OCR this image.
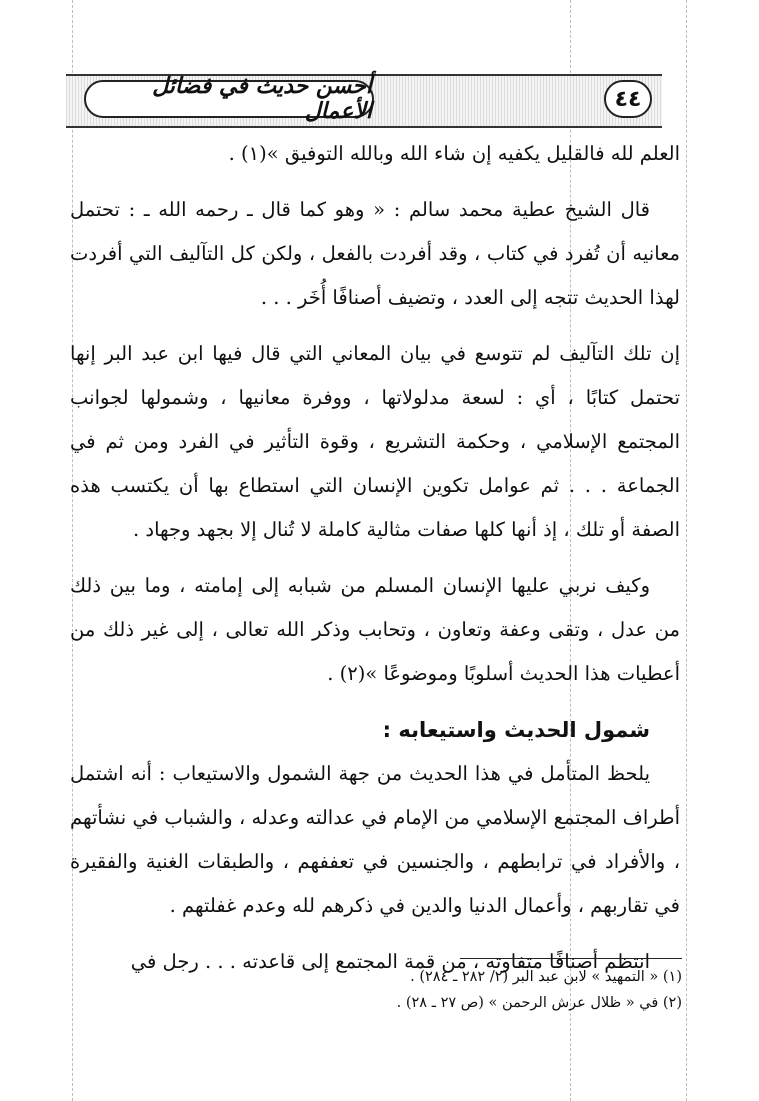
أحسن حديث في فضائل الأعمال	٤٤

العلم لله فالقليل يكفيه إن شاء الله وبالله التوفيق »(١) .

قال الشيخ عطية محمد سالم : « وهو كما قال ـ رحمه الله ـ : تحتمل معانيه أن تُفرد في كتاب ، وقد أفردت بالفعل ، ولكن كل التآليف التي أفردت لهذا الحديث تتجه إلى العدد ، وتضيف أصنافًا أُخَر . . .

إن تلك التآليف لم تتوسع في بيان المعاني التي قال فيها ابن عبد البر إنها تحتمل كتابًا ، أي : لسعة مدلولاتها ، ووفرة معانيها ، وشمولها لجوانب المجتمع الإسلامي ، وحكمة التشريع ، وقوة التأثير في الفرد ومن ثم في الجماعة . . . ثم عوامل تكوين الإنسان التي استطاع بها أن يكتسب هذه الصفة أو تلك ، إذ أنها كلها صفات مثالية كاملة لا تُنال إلا بجهد وجهاد .

وكيف نربي عليها الإنسان المسلم من شبابه إلى إمامته ، وما بين ذلك من عدل ، وتقى وعفة وتعاون ، وتحابب وذكر الله تعالى ، إلى غير ذلك من أعطيات هذا الحديث أسلوبًا وموضوعًا »(٢) .

شمول الحديث واستيعابه :

يلحظ المتأمل في هذا الحديث من جهة الشمول والاستيعاب : أنه اشتمل أطراف المجتمع الإسلامي من الإمام في عدالته وعدله ، والشباب في نشأتهم ، والأفراد في ترابطهم ، والجنسين في تعففهم ، والطبقات الغنية والفقيرة في تقاربهم ، وأعمال الدنيا والدين في ذكرهم لله وعدم غفلتهم .

انتظم أصنافًا متفاوته ، من قمة المجتمع إلى قاعدته . . . رجل في

(١) « التمهيد » لابن عبد البر (٢/ ٢٨٢ ـ ٢٨٤) .
(٢) في « ظلال عرش الرحمن » (ص ٢٧ ـ ٢٨) .
